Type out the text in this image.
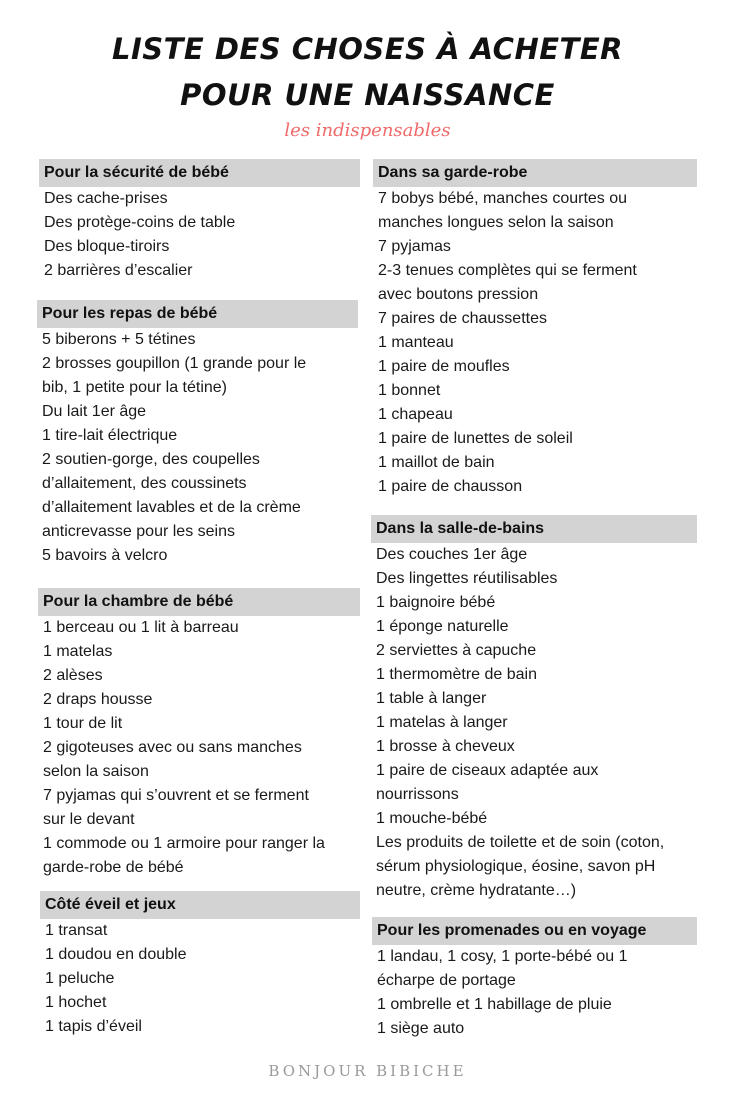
LISTE DES CHOSES À ACHETER
POUR UNE NAISSANCE
les indispensables
Pour la sécurité de bébé
Des cache-prises
Des protège-coins de table
Des bloque-tiroirs
2 barrières d’escalier
Pour les repas de bébé
5 biberons + 5 tétines
2 brosses goupillon (1 grande pour le
bib, 1 petite pour la tétine)
Du lait 1er âge
1 tire-lait électrique
2 soutien-gorge, des coupelles
d’allaitement, des coussinets
d’allaitement lavables et de la crème
anticrevasse pour les seins
5 bavoirs à velcro
Pour la chambre de bébé
1 berceau ou 1 lit à barreau
1 matelas
2 alèses
2 draps housse
1 tour de lit
2 gigoteuses avec ou sans manches
selon la saison
7 pyjamas qui s’ouvrent et se ferment
sur le devant
1 commode ou 1 armoire pour ranger la
garde-robe de bébé
Côté éveil et jeux
1 transat
1 doudou en double
1 peluche
1 hochet
1 tapis d’éveil
Dans sa garde-robe
7 bobys bébé, manches courtes ou
manches longues selon la saison
7 pyjamas
2-3 tenues complètes qui se ferment
avec boutons pression
7 paires de chaussettes
1 manteau
1 paire de moufles
1 bonnet
1 chapeau
1 paire de lunettes de soleil
1 maillot de bain
1 paire de chausson
Dans la salle-de-bains
Des couches 1er âge
Des lingettes réutilisables
1 baignoire bébé
1 éponge naturelle
2 serviettes à capuche
1 thermomètre de bain
1 table à langer
1 matelas à langer
1 brosse à cheveux
1 paire de ciseaux adaptée aux
nourrissons
1 mouche-bébé
Les produits de toilette et de soin (coton,
sérum physiologique, éosine, savon pH
neutre, crème hydratante…)
Pour les promenades ou en voyage
1 landau, 1 cosy, 1 porte-bébé ou 1
écharpe de portage
1 ombrelle et 1 habillage de pluie
1 siège auto
BONJOUR BIBICHE
